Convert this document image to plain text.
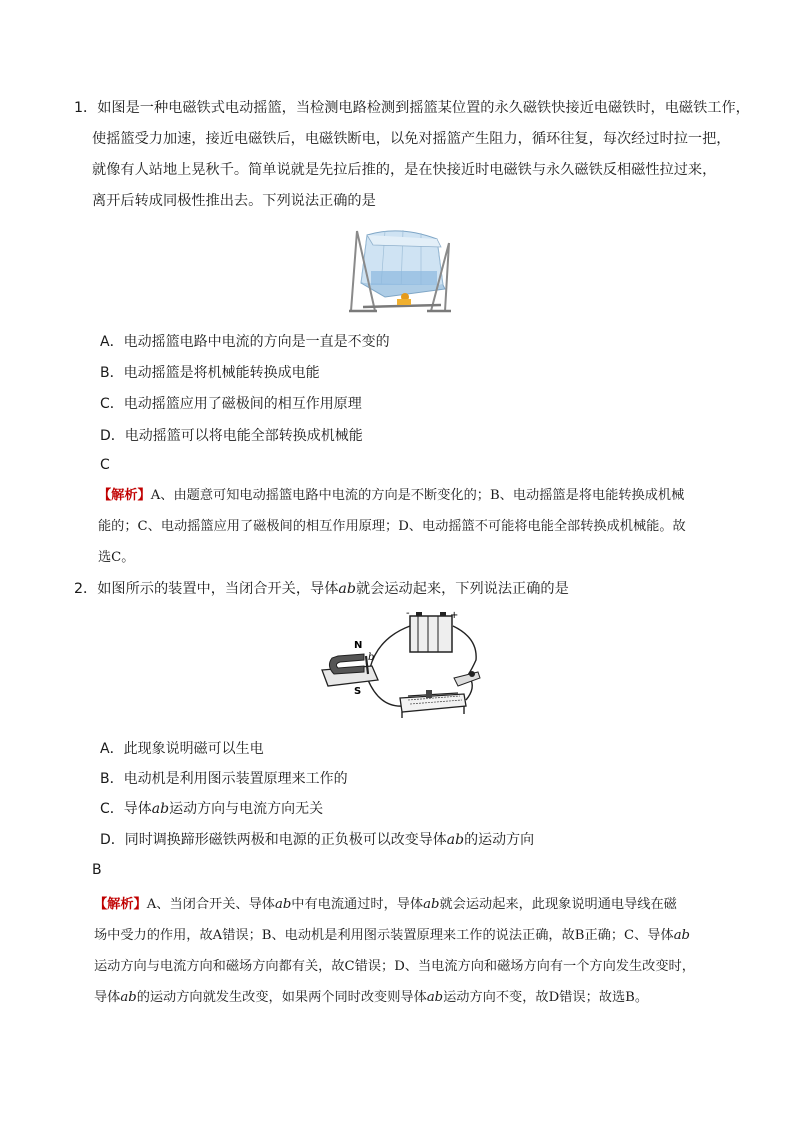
1．如图是一种电磁铁式电动摇篮，当检测电路检测到摇篮某位置的永久磁铁快接近电磁铁时，电磁铁工作，
使摇篮受力加速，接近电磁铁后，电磁铁断电，以免对摇篮产生阻力，循环往复，每次经过时拉一把，
就像有人站地上晃秋千。简单说就是先拉后推的，是在快接近时电磁铁与永久磁铁反相磁性拉过来，
离开后转成同极性推出去。下列说法正确的是
A．电动摇篮电路中电流的方向是一直是不变的
B．电动摇篮是将机械能转换成电能
C．电动摇篮应用了磁极间的相互作用原理
D．电动摇篮可以将电能全部转换成机械能
C
【解析】A、由题意可知电动摇篮电路中电流的方向是不断变化的；B、电动摇篮是将电能转换成机械
能的；C、电动摇篮应用了磁极间的相互作用原理；D、电动摇篮不可能将电能全部转换成机械能。故
选C。
2．如图所示的装置中，当闭合开关，导体ab就会运动起来，下列说法正确的是
-	+
N
b
S
A．此现象说明磁可以生电
B．电动机是利用图示装置原理来工作的
C．导体ab运动方向与电流方向无关
D．同时调换蹄形磁铁两极和电源的正负极可以改变导体ab的运动方向
B
【解析】A、当闭合开关、导体ab中有电流通过时，导体ab就会运动起来，此现象说明通电导线在磁
场中受力的作用，故A错误；B、电动机是利用图示装置原理来工作的说法正确，故B正确；C、导体ab
运动方向与电流方向和磁场方向都有关，故C错误；D、当电流方向和磁场方向有一个方向发生改变时，
导体ab的运动方向就发生改变，如果两个同时改变则导体ab运动方向不变，故D错误；故选B。
